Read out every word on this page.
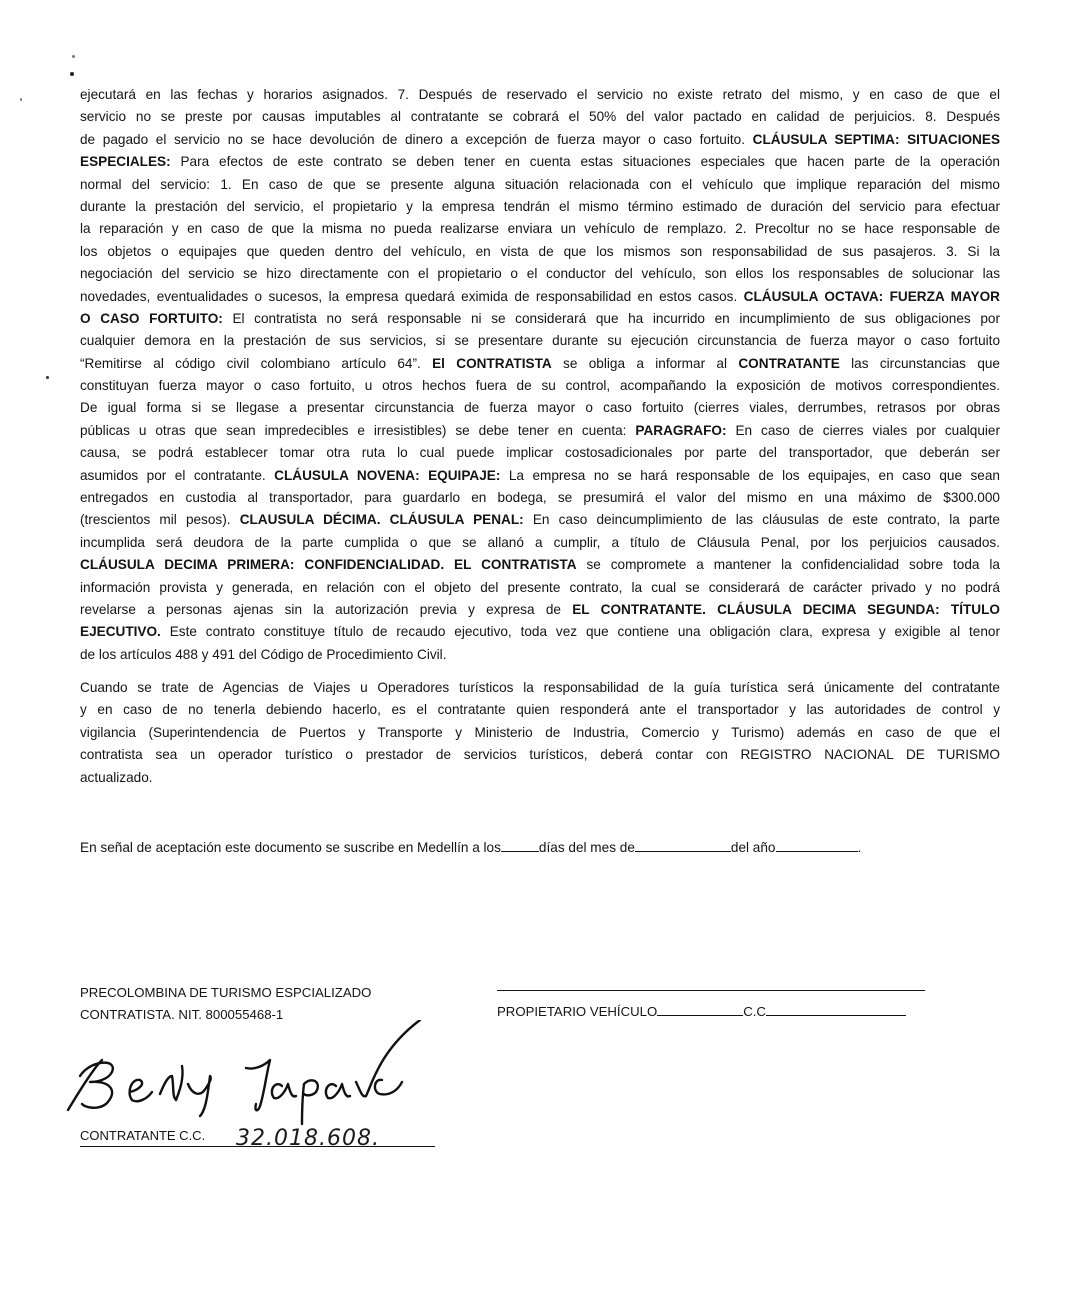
ejecutará en las fechas y horarios asignados. 7. Después de reservado el servicio no existe retrato del mismo, y en caso de que el
servicio no se preste por causas imputables al contratante se cobrará el 50% del valor pactado en calidad de perjuicios. 8. Después
de pagado el servicio no se hace devolución de dinero a excepción de fuerza mayor o caso fortuito. CLÁUSULA SEPTIMA: SITUACIONES
ESPECIALES: Para efectos de este contrato se deben tener en cuenta estas situaciones especiales que hacen parte de la operación
normal del servicio: 1. En caso de que se presente alguna situación relacionada con el vehículo que implique reparación del mismo
durante la prestación del servicio, el propietario y la empresa tendrán el mismo término estimado de duración del servicio para efectuar
la reparación y en caso de que la misma no pueda realizarse enviara un vehículo de remplazo. 2. Precoltur no se hace responsable de
los objetos o equipajes que queden dentro del vehículo, en vista de que los mismos son responsabilidad de sus pasajeros. 3. Si la
negociación del servicio se hizo directamente con el propietario o el conductor del vehículo, son ellos los responsables de solucionar las
novedades, eventualidades o sucesos, la empresa quedará eximida de responsabilidad en estos casos. CLÁUSULA OCTAVA: FUERZA MAYOR
O CASO FORTUITO: El contratista no será responsable ni se considerará que ha incurrido en incumplimiento de sus obligaciones por
cualquier demora en la prestación de sus servicios, si se presentare durante su ejecución circunstancia de fuerza mayor o caso fortuito
“Remitirse al código civil colombiano artículo 64”. El CONTRATISTA se obliga a informar al CONTRATANTE las circunstancias que
constituyan fuerza mayor o caso fortuito, u otros hechos fuera de su control, acompañando la exposición de motivos correspondientes.
De igual forma si se llegase a presentar circunstancia de fuerza mayor o caso fortuito (cierres viales, derrumbes, retrasos por obras
públicas u otras que sean impredecibles e irresistibles) se debe tener en cuenta: PARAGRAFO: En caso de cierres viales por cualquier
causa, se podrá establecer tomar otra ruta lo cual puede implicar costosadicionales por parte del transportador, que deberán ser
asumidos por el contratante. CLÁUSULA NOVENA: EQUIPAJE: La empresa no se hará responsable de los equipajes, en caso que sean
entregados en custodia al transportador, para guardarlo en bodega, se presumirá el valor del mismo en una máximo de $300.000
(trescientos mil pesos). CLAUSULA DÉCIMA. CLÁUSULA PENAL: En caso deincumplimiento de las cláusulas de este contrato, la parte
incumplida será deudora de la parte cumplida o que se allanó a cumplir, a título de Cláusula Penal, por los perjuicios causados.
CLÁUSULA DECIMA PRIMERA: CONFIDENCIALIDAD. EL CONTRATISTA se compromete a mantener la confidencialidad sobre toda la
información provista y generada, en relación con el objeto del presente contrato, la cual se considerará de carácter privado y no podrá
revelarse a personas ajenas sin la autorización previa y expresa de EL CONTRATANTE. CLÁUSULA DECIMA SEGUNDA: TÍTULO
EJECUTIVO. Este contrato constituye título de recaudo ejecutivo, toda vez que contiene una obligación clara, expresa y exigible al tenor
de los artículos 488 y 491 del Código de Procedimiento Civil.
Cuando se trate de Agencias de Viajes u Operadores turísticos la responsabilidad de la guía turística será únicamente del contratante
y en caso de no tenerla debiendo hacerlo, es el contratante quien responderá ante el transportador y las autoridades de control y
vigilancia (Superintendencia de Puertos y Transporte y Ministerio de Industria, Comercio y Turismo) además en caso de que el
contratista sea un operador turístico o prestador de servicios turísticos, deberá contar con REGISTRO NACIONAL DE TURISMO
actualizado.
En señal de aceptación este documento se suscribe en Medellín a los	días del mes de	del año	.
PRECOLOMBINA DE TURISMO ESPCIALIZADO
CONTRATISTA. NIT. 800055468-1	PROPIETARIO VEHÍCULO	C.C
CONTRATANTE C.C. 32.018.608.
